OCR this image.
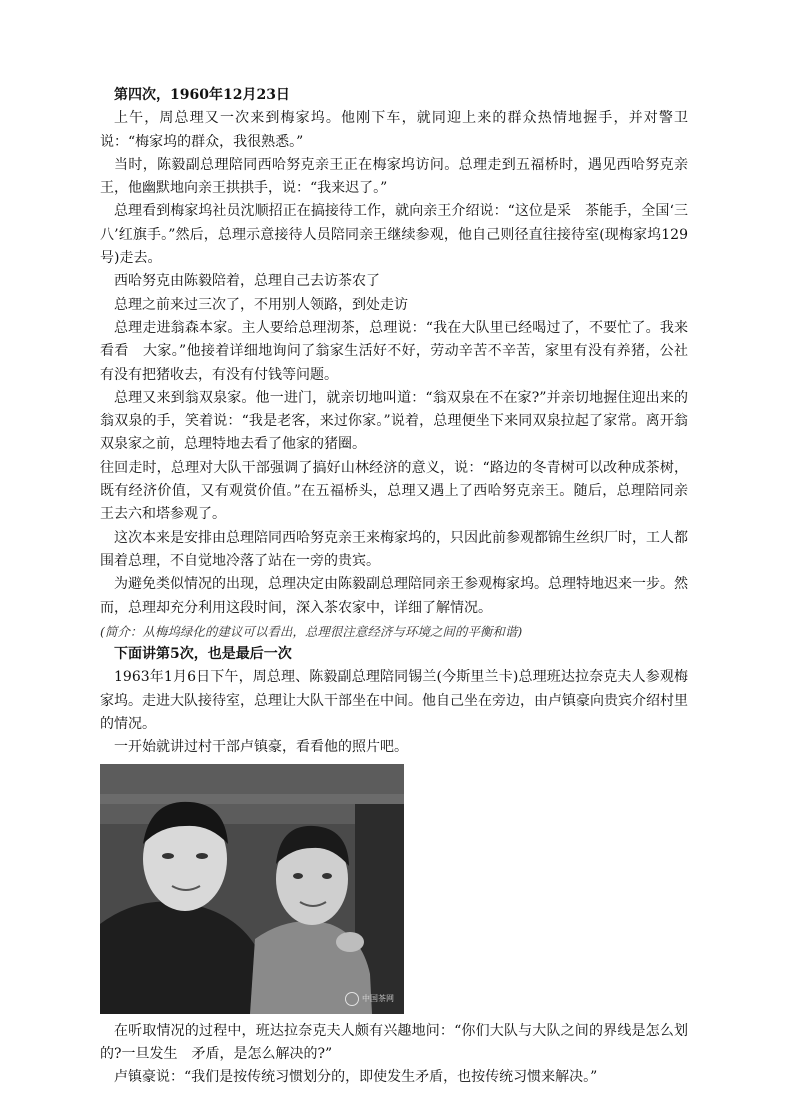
第四次，1960年12月23日

上午，周总理又一次来到梅家坞。他刚下车，就同迎上来的群众热情地握手，并对警卫说：“梅家坞的群众，我很熟悉。”

当时，陈毅副总理陪同西哈努克亲王正在梅家坞访问。总理走到五福桥时，遇见西哈努克亲王，他幽默地向亲王拱拱手，说：“我来迟了。”

总理看到梅家坞社员沈顺招正在搞接待工作，就向亲王介绍说：“这位是采　茶能手，全国‘三八’红旗手。”然后，总理示意接待人员陪同亲王继续参观，他自己则径直往接待室(现梅家坞129号)走去。

西哈努克由陈毅陪着，总理自己去访茶农了

总理之前来过三次了，不用别人领路，到处走访

总理走进翁森本家。主人要给总理沏茶，总理说：“我在大队里已经喝过了，不要忙了。我来看看　大家。”他接着详细地询问了翁家生活好不好，劳动辛苦不辛苦，家里有没有养猪，公社有没有把猪收去，有没有付钱等问题。

总理又来到翁双泉家。他一进门，就亲切地叫道：“翁双泉在不在家?”并亲切地握住迎出来的　翁双泉的手，笑着说：“我是老客，来过你家。”说着，总理便坐下来同双泉拉起了家常。离开翁双泉家之前，总理特地去看了他家的猪圈。

往回走时，总理对大队干部强调了搞好山林经济的意义，说：“路边的冬青树可以改种成茶树，既有经济价值，又有观赏价值。”在五福桥头，总理又遇上了西哈努克亲王。随后，总理陪同亲王去六和塔参观了。

这次本来是安排由总理陪同西哈努克亲王来梅家坞的，只因此前参观都锦生丝织厂时，工人都围着总理，不自觉地冷落了站在一旁的贵宾。

为避免类似情况的出现，总理决定由陈毅副总理陪同亲王参观梅家坞。总理特地迟来一步。然而，总理却充分利用这段时间，深入茶农家中，详细了解情况。

(简介：从梅坞绿化的建议可以看出，总理很注意经济与环境之间的平衡和谐)

下面讲第5次，也是最后一次

1963年1月6日下午，周总理、陈毅副总理陪同锡兰(今斯里兰卡)总理班达拉奈克夫人参观梅家坞。走进大队接待室，总理让大队干部坐在中间。他自己坐在旁边，由卢镇豪向贵宾介绍村里的情况。

一开始就讲过村干部卢镇豪，看看他的照片吧。

中国茶网

在听取情况的过程中，班达拉奈克夫人颇有兴趣地问：“你们大队与大队之间的界线是怎么划的?一旦发生　矛盾，是怎么解决的?”

卢镇豪说：“我们是按传统习惯划分的，即使发生矛盾，也按传统习惯来解决。”
